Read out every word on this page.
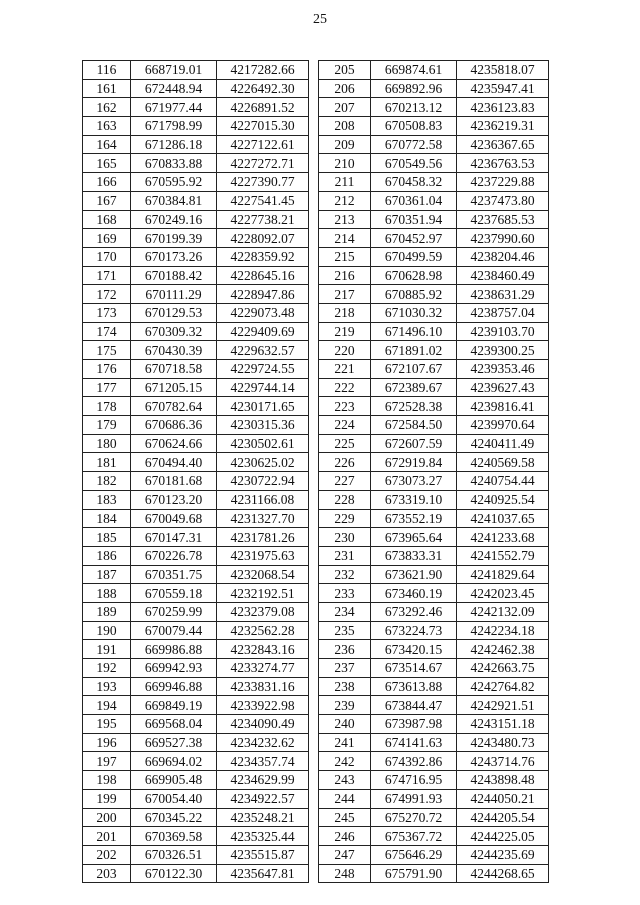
25
116	668719.01	4217282.66
161	672448.94	4226492.30
162	671977.44	4226891.52
163	671798.99	4227015.30
164	671286.18	4227122.61
165	670833.88	4227272.71
166	670595.92	4227390.77
167	670384.81	4227541.45
168	670249.16	4227738.21
169	670199.39	4228092.07
170	670173.26	4228359.92
171	670188.42	4228645.16
172	670111.29	4228947.86
173	670129.53	4229073.48
174	670309.32	4229409.69
175	670430.39	4229632.57
176	670718.58	4229724.55
177	671205.15	4229744.14
178	670782.64	4230171.65
179	670686.36	4230315.36
180	670624.66	4230502.61
181	670494.40	4230625.02
182	670181.68	4230722.94
183	670123.20	4231166.08
184	670049.68	4231327.70
185	670147.31	4231781.26
186	670226.78	4231975.63
187	670351.75	4232068.54
188	670559.18	4232192.51
189	670259.99	4232379.08
190	670079.44	4232562.28
191	669986.88	4232843.16
192	669942.93	4233274.77
193	669946.88	4233831.16
194	669849.19	4233922.98
195	669568.04	4234090.49
196	669527.38	4234232.62
197	669694.02	4234357.74
198	669905.48	4234629.99
199	670054.40	4234922.57
200	670345.22	4235248.21
201	670369.58	4235325.44
202	670326.51	4235515.87
203	670122.30	4235647.81
205	669874.61	4235818.07
206	669892.96	4235947.41
207	670213.12	4236123.83
208	670508.83	4236219.31
209	670772.58	4236367.65
210	670549.56	4236763.53
211	670458.32	4237229.88
212	670361.04	4237473.80
213	670351.94	4237685.53
214	670452.97	4237990.60
215	670499.59	4238204.46
216	670628.98	4238460.49
217	670885.92	4238631.29
218	671030.32	4238757.04
219	671496.10	4239103.70
220	671891.02	4239300.25
221	672107.67	4239353.46
222	672389.67	4239627.43
223	672528.38	4239816.41
224	672584.50	4239970.64
225	672607.59	4240411.49
226	672919.84	4240569.58
227	673073.27	4240754.44
228	673319.10	4240925.54
229	673552.19	4241037.65
230	673965.64	4241233.68
231	673833.31	4241552.79
232	673621.90	4241829.64
233	673460.19	4242023.45
234	673292.46	4242132.09
235	673224.73	4242234.18
236	673420.15	4242462.38
237	673514.67	4242663.75
238	673613.88	4242764.82
239	673844.47	4242921.51
240	673987.98	4243151.18
241	674141.63	4243480.73
242	674392.86	4243714.76
243	674716.95	4243898.48
244	674991.93	4244050.21
245	675270.72	4244205.54
246	675367.72	4244225.05
247	675646.29	4244235.69
248	675791.90	4244268.65
